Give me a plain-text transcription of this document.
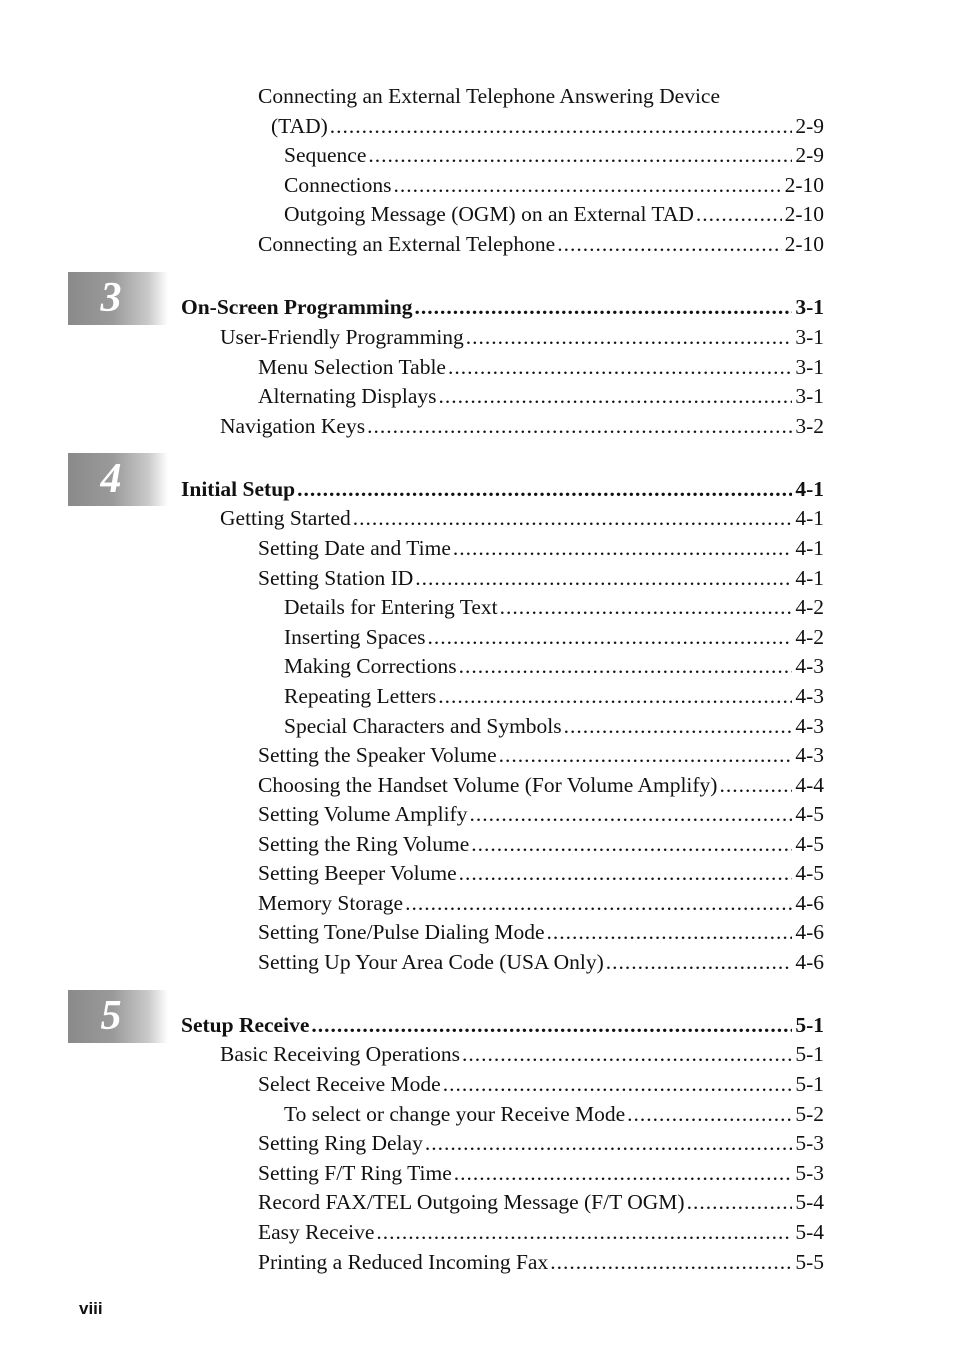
3
4
5
Connecting an External Telephone Answering Device
(TAD) .....	2-9
Sequence .....	2-9
Connections .....	2-10
Outgoing Message (OGM) on an External TAD .....	2-10
Connecting an External Telephone .....	2-10
On-Screen Programming .....	3-1
User-Friendly Programming .....	3-1
Menu Selection Table .....	3-1
Alternating Displays .....	3-1
Navigation Keys .....	3-2
Initial Setup .....	4-1
Getting Started .....	4-1
Setting Date and Time .....	4-1
Setting Station ID .....	4-1
Details for Entering Text .....	4-2
Inserting Spaces .....	4-2
Making Corrections .....	4-3
Repeating Letters .....	4-3
Special Characters and Symbols .....	4-3
Setting the Speaker Volume .....	4-3
Choosing the Handset Volume (For Volume Amplify) .....	4-4
Setting Volume Amplify .....	4-5
Setting the Ring Volume .....	4-5
Setting Beeper Volume .....	4-5
Memory Storage .....	4-6
Setting Tone/Pulse Dialing Mode .....	4-6
Setting Up Your Area Code (USA Only) .....	4-6
Setup Receive .....	5-1
Basic Receiving Operations .....	5-1
Select Receive Mode .....	5-1
To select or change your Receive Mode .....	5-2
Setting Ring Delay .....	5-3
Setting F/T Ring Time .....	5-3
Record FAX/TEL Outgoing Message (F/T OGM) .....	5-4
Easy Receive .....	5-4
Printing a Reduced Incoming Fax .....	5-5
viii
